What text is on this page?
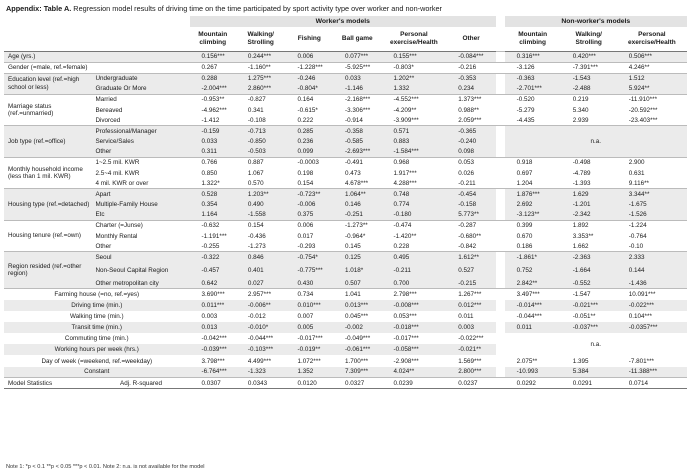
Appendix: Table A. Regression model results of driving time on the time participated by sport activity type over worker and non-worker
		Worker's models							Non-worker's models		
		Mountain climbing	Walking/ Strolling	Fishing	Ball game	Personal exercise/Health	Other		Mountain climbing	Walking/ Strolling	Personal exercise/Health
Age (yrs.)		0.156***	0.244***	0.006	0.077***	0.155***	-0.084***		0.316***	0.420***	0.506***
Gender (=male, ref.=female)		0.267	-1.160**	-1.228***	-5.925***	-0.803*	-0.216		-3.126	-7.391***	4.246**
Education level (ref.=high school or less)	Undergraduate	0.288	1.275***	-0.246	0.033	1.202**	-0.353		-0.363	-1.543	1.512
	Graduate Or More	-2.004***	2.860***	-0.804*	-1.146	1.332	0.234		-2.701***	-2.488	5.924**
Marriage status (ref.=unmarried)	Married	-0.953**	-0.827	0.164	-2.168***	-4.552***	1.373***		-0.520	0.219	-11.910***
	Bereaved	-4.962***	0.341	-0.615*	-3.306***	-4.209**	0.988**		-5.279	5.340	-20.592***
	Divorced	-1.412	-0.108	0.222	-0.914	-3.909***	2.059***		-4.435	2.939	-23.403***
Job type (ref.=office)	Professional/Manager	-0.159	-0.713	0.285	-0.358	0.571	-0.365		n.a.		
	Service/Sales	0.033	-0.850	0.236	-0.585	0.883	-0.240				
	Other	0.311	-0.503	0.099	-2.693***	-1.584***	0.098				
Monthly household income (less than 1 mil. KWR)	1~2.5 mil. KWR	0.766	0.887	-0.0003	-0.491	0.968	0.053		0.918	-0.498	2.900
	2.5~4 mil. KWR	0.850	1.067	0.198	0.473	1.917***	0.026		0.697	-4.789	0.631
	4 mil. KWR or over	1.322*	0.570	0.154	4.678***	4.288***	-0.211		1.204	-1.393	9.116**
Housing type (ref.=detached)	Apart	0.528	1.203**	-0.723**	1.064**	0.748	-0.454		1.876***	1.629	3.344**
	Multiple-Family House	0.354	0.490	-0.006	0.146	0.774	-0.158		2.692	-1.201	-1.675
	Etc	1.164	-1.558	0.375	-0.251	-0.180	5.773**		-3.123**	-2.342	-1.526
Housing tenure (ref.=own)	Charter (=Junse)	-0.632	0.154	0.006	-1.273**	-0.474	-0.287		0.399	1.892	-1.224
	Monthly Rental	-1.191***	-0.436	0.017	-0.964*	-1.420**	-0.680**		0.670	3.353**	-0.764
	Other	-0.255	-1.273	-0.293	0.145	0.228	-0.842		0.186	1.662	-0.10
Region resided (ref.=other region)	Seoul	-0.322	0.846	-0.754*	0.125	0.495	1.612**		-1.861*	-2.363	2.333
	Non-Seoul Capital Region	-0.457	0.401	-0.775***	1.018*	-0.211	0.527		0.752	-1.664	0.144
	Other metropolitan city	0.642	0.027	0.430	0.507	0.700	-0.215		2.842**	-0.552	-1.436
Farming house (=no, ref.=yes)		3.690***	2.957***	0.734	1.041	2.798***	1.267***		3.497***	-1.547	10.091***
Driving time (min.)		0.011***	-0.006**	0.010***	0.013***	-0.008***	0.012***		-0.014***	-0.021***	-0.022***
Walking time (min.)		0.003	-0.012	0.007	0.045***	0.053***	0.011		-0.044***	-0.051**	0.104***
Transit time (min.)		0.013	-0.010*	0.005	-0.002	-0.018***	0.003		0.011	-0.037***	-0.0357***
Commuting time (min.)		-0.042***	-0.044***	-0.017***	-0.049***	-0.017***	-0.022***		n.a.		
Working hours per week (hrs.)		-0.039***	-0.103***	-0.019**	-0.061***	-0.058***	-0.021**				
Day of week (=weekend, ref.=weekday)		3.798***	4.499***	1.072***	1.700***	-2.908***	1.569***		2.075**	1.395	-7.801***
Constant		-6.764***	-1.323	1.352	7.309***	4.024**	2.800***		-10.993	5.384	-11.388***
Model Statistics	Adj. R-squared	0.0307	0.0343	0.0120	0.0327	0.0239	0.0237		0.0292	0.0291	0.0714
Note 1: *p < 0.1 **p < 0.05 ***p < 0.01. Note 2: n.a. is not available for the model
